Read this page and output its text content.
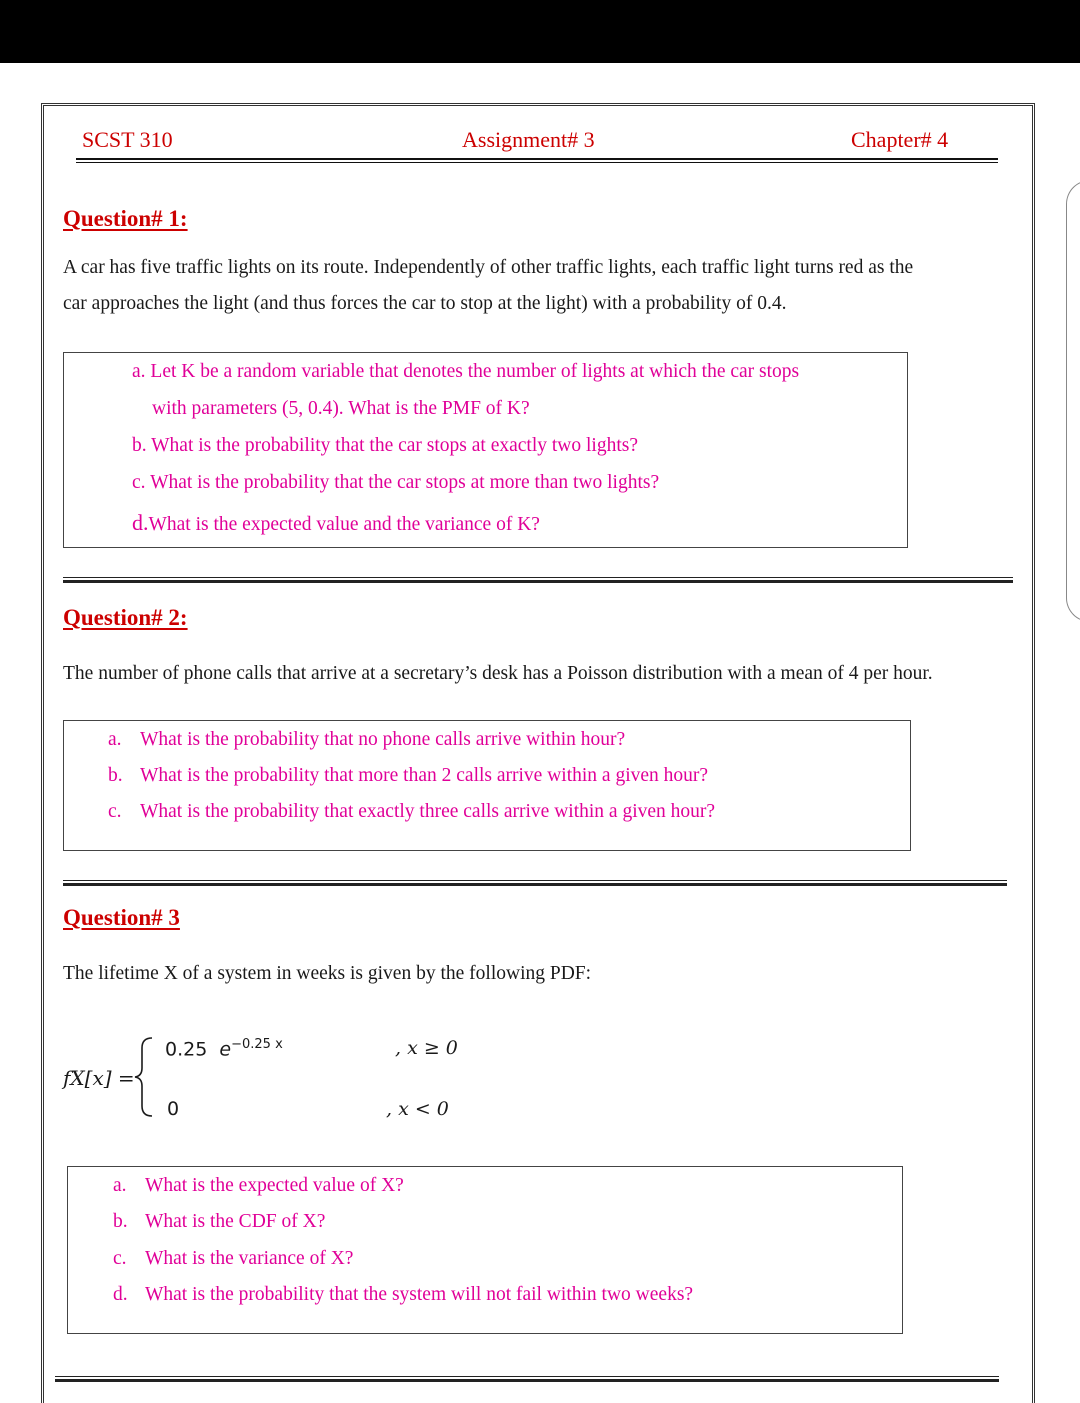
SCST 310	Assignment# 3	Chapter# 4
Question# 1:
A car has five traffic lights on its route. Independently of other traffic lights, each traffic light turns red as the
car approaches the light (and thus forces the car to stop at the light) with a probability of 0.4.
a. Let K be a random variable that denotes the number of lights at which the car stops
with parameters (5, 0.4). What is the PMF of K?
b. What is the probability that the car stops at exactly two lights?
c. What is the probability that the car stops at more than two lights?
d.What is the expected value and the variance of K?
Question# 2:
The number of phone calls that arrive at a secretary’s desk has a Poisson distribution with a mean of 4 per hour.
a. What is the probability that no phone calls arrive within hour?
b. What is the probability that more than 2 calls arrive within a given hour?
c. What is the probability that exactly three calls arrive within a given hour?
Question# 3
The lifetime X of a system in weeks is given by the following PDF:
fX[x] =
0.25 $e^{-0.25 x}$	, x ≥ 0
0	, x < 0
a. What is the expected value of X?
b. What is the CDF of X?
c. What is the variance of X?
d. What is the probability that the system will not fail within two weeks?
